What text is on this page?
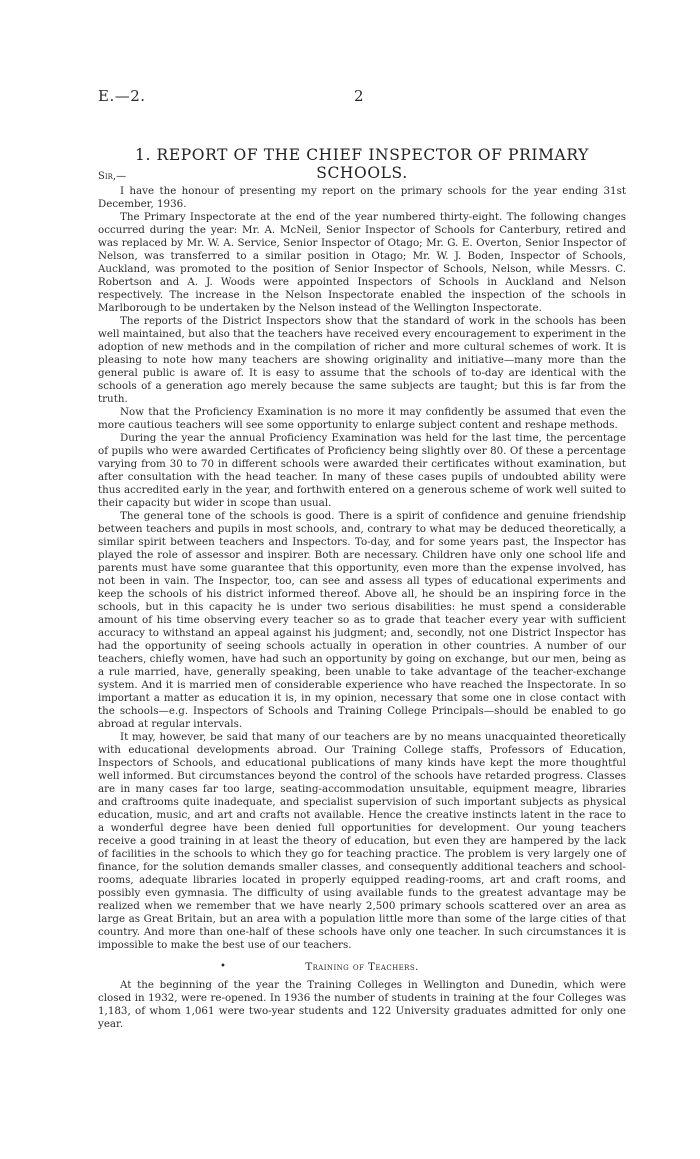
E.—2.	2
1. REPORT OF THE CHIEF INSPECTOR OF PRIMARY SCHOOLS.
Sir,—

I have the honour of presenting my report on the primary schools for the year ending 31st December, 1936.

The Primary Inspectorate at the end of the year numbered thirty-eight. The following changes occurred during the year: Mr. A. McNeil, Senior Inspector of Schools for Canterbury, retired and was replaced by Mr. W. A. Service, Senior Inspector of Otago; Mr. G. E. Overton, Senior Inspector of Nelson, was transferred to a similar position in Otago; Mr. W. J. Boden, Inspector of Schools, Auckland, was promoted to the position of Senior Inspector of Schools, Nelson, while Messrs. C. Robertson and A. J. Woods were appointed Inspectors of Schools in Auckland and Nelson respectively. The increase in the Nelson Inspectorate enabled the inspection of the schools in Marlborough to be undertaken by the Nelson instead of the Wellington Inspectorate.

The reports of the District Inspectors show that the standard of work in the schools has been well maintained, but also that the teachers have received every encouragement to experiment in the adoption of new methods and in the compilation of richer and more cultural schemes of work. It is pleasing to note how many teachers are showing originality and initiative—many more than the general public is aware of. It is easy to assume that the schools of to-day are identical with the schools of a generation ago merely because the same subjects are taught; but this is far from the truth.

Now that the Proficiency Examination is no more it may confidently be assumed that even the more cautious teachers will see some opportunity to enlarge subject content and reshape methods.

During the year the annual Proficiency Examination was held for the last time, the percentage of pupils who were awarded Certificates of Proficiency being slightly over 80. Of these a percentage varying from 30 to 70 in different schools were awarded their certificates without examination, but after consultation with the head teacher. In many of these cases pupils of undoubted ability were thus accredited early in the year, and forthwith entered on a generous scheme of work well suited to their capacity but wider in scope than usual.

The general tone of the schools is good. There is a spirit of confidence and genuine friendship between teachers and pupils in most schools, and, contrary to what may be deduced theoretically, a similar spirit between teachers and Inspectors. To-day, and for some years past, the Inspector has played the role of assessor and inspirer. Both are necessary. Children have only one school life and parents must have some guarantee that this opportunity, even more than the expense involved, has not been in vain. The Inspector, too, can see and assess all types of educational experiments and keep the schools of his district informed thereof. Above all, he should be an inspiring force in the schools, but in this capacity he is under two serious disabilities: he must spend a considerable amount of his time observing every teacher so as to grade that teacher every year with sufficient accuracy to withstand an appeal against his judgment; and, secondly, not one District Inspector has had the opportunity of seeing schools actually in operation in other countries. A number of our teachers, chiefly women, have had such an opportunity by going on exchange, but our men, being as a rule married, have, generally speaking, been unable to take advantage of the teacher-exchange system. And it is married men of considerable experience who have reached the Inspectorate. In so important a matter as education it is, in my opinion, necessary that some one in close contact with the schools—e.g. Inspectors of Schools and Training College Principals—should be enabled to go abroad at regular intervals.

It may, however, be said that many of our teachers are by no means unacquainted theoretically with educational developments abroad. Our Training College staffs, Professors of Education, Inspectors of Schools, and educational publications of many kinds have kept the more thoughtful well informed. But circumstances beyond the control of the schools have retarded progress. Classes are in many cases far too large, seating-accommodation unsuitable, equipment meagre, libraries and craftrooms quite inadequate, and specialist supervision of such important subjects as physical education, music, and art and crafts not available. Hence the creative instincts latent in the race to a wonderful degree have been denied full opportunities for development. Our young teachers receive a good training in at least the theory of education, but even they are hampered by the lack of facilities in the schools to which they go for teaching practice. The problem is very largely one of finance, for the solution demands smaller classes, and consequently additional teachers and school-rooms, adequate libraries located in properly equipped reading-rooms, art and craft rooms, and possibly even gymnasia. The difficulty of using available funds to the greatest advantage may be realized when we remember that we have nearly 2,500 primary schools scattered over an area as large as Great Britain, but an area with a population little more than some of the large cities of that country. And more than one-half of these schools have only one teacher. In such circumstances it is impossible to make the best use of our teachers.

•	Training of Teachers.

At the beginning of the year the Training Colleges in Wellington and Dunedin, which were closed in 1932, were re-opened. In 1936 the number of students in training at the four Colleges was 1,183, of whom 1,061 were two-year students and 122 University graduates admitted for only one year.
